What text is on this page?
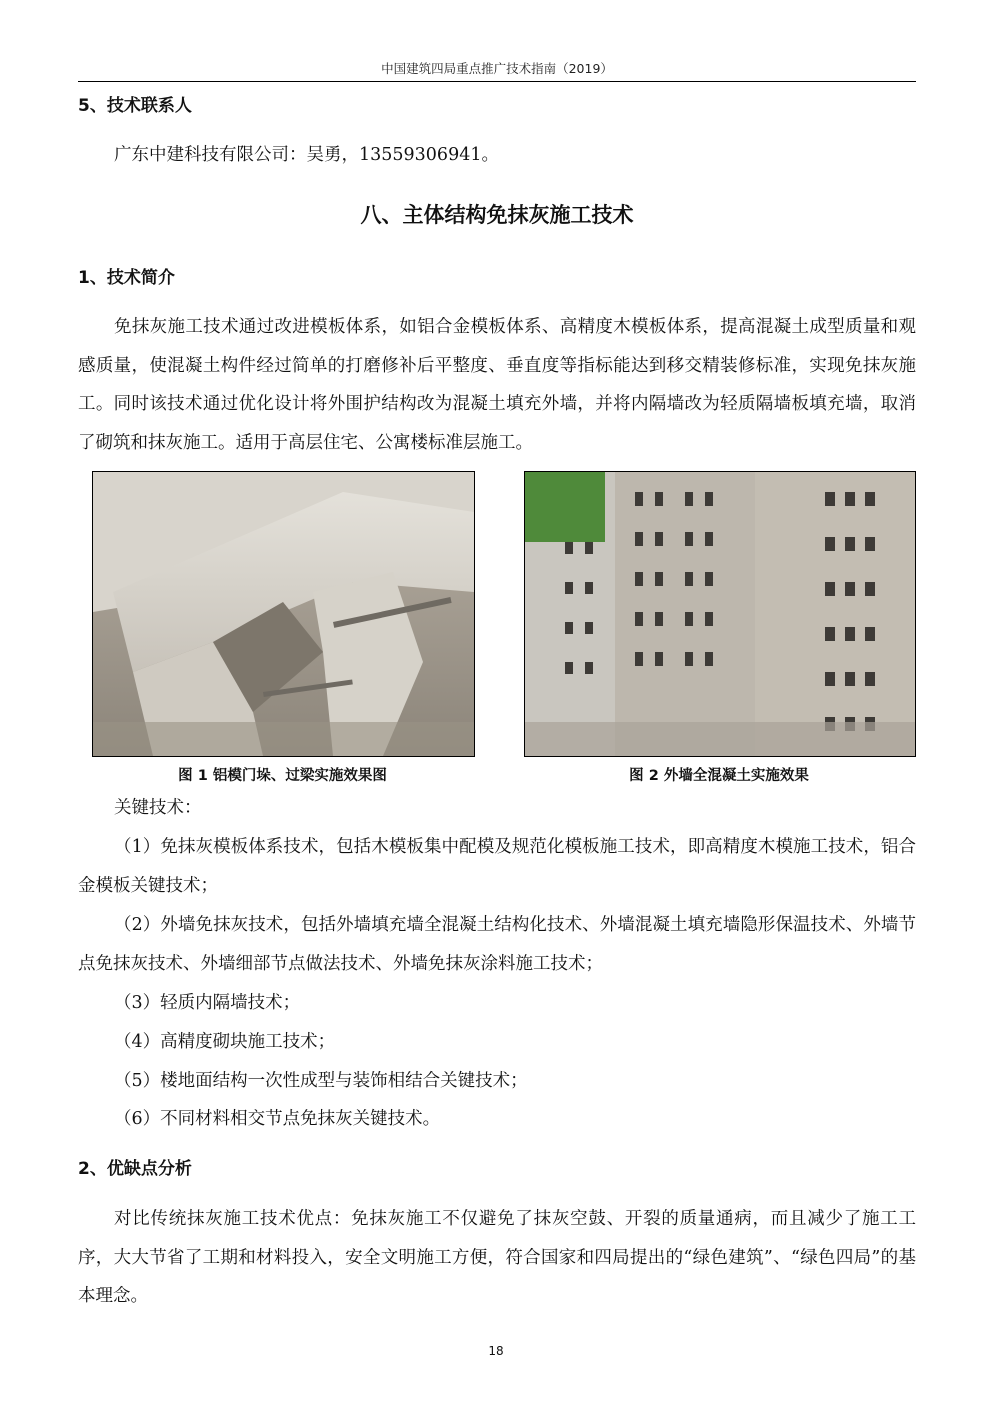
中国建筑四局重点推广技术指南（2019）
5、技术联系人
广东中建科技有限公司：吴勇，13559306941。
八、主体结构免抹灰施工技术
1、技术简介

免抹灰施工技术通过改进模板体系，如铝合金模板体系、高精度木模板体系，提高混凝土成型质量和观感质量，使混凝土构件经过简单的打磨修补后平整度、垂直度等指标能达到移交精装修标准，实现免抹灰施工。同时该技术通过优化设计将外围护结构改为混凝土填充外墙，并将内隔墙改为轻质隔墙板填充墙，取消了砌筑和抹灰施工。适用于高层住宅、公寓楼标准层施工。

图 1 铝模门垛、过梁实施效果图	图 2 外墙全混凝土实施效果
关键技术：

（1）免抹灰模板体系技术，包括木模板集中配模及规范化模板施工技术，即高精度木模施工技术，铝合金模板关键技术；

（2）外墙免抹灰技术，包括外墙填充墙全混凝土结构化技术、外墙混凝土填充墙隐形保温技术、外墙节点免抹灰技术、外墙细部节点做法技术、外墙免抹灰涂料施工技术；

（3）轻质内隔墙技术；
（4）高精度砌块施工技术；
（5）楼地面结构一次性成型与装饰相结合关键技术；
（6）不同材料相交节点免抹灰关键技术。
2、优缺点分析

对比传统抹灰施工技术优点：免抹灰施工不仅避免了抹灰空鼓、开裂的质量通病，而且减少了施工工序，大大节省了工期和材料投入，安全文明施工方便，符合国家和四局提出的“绿色建筑”、“绿色四局”的基本理念。

18
